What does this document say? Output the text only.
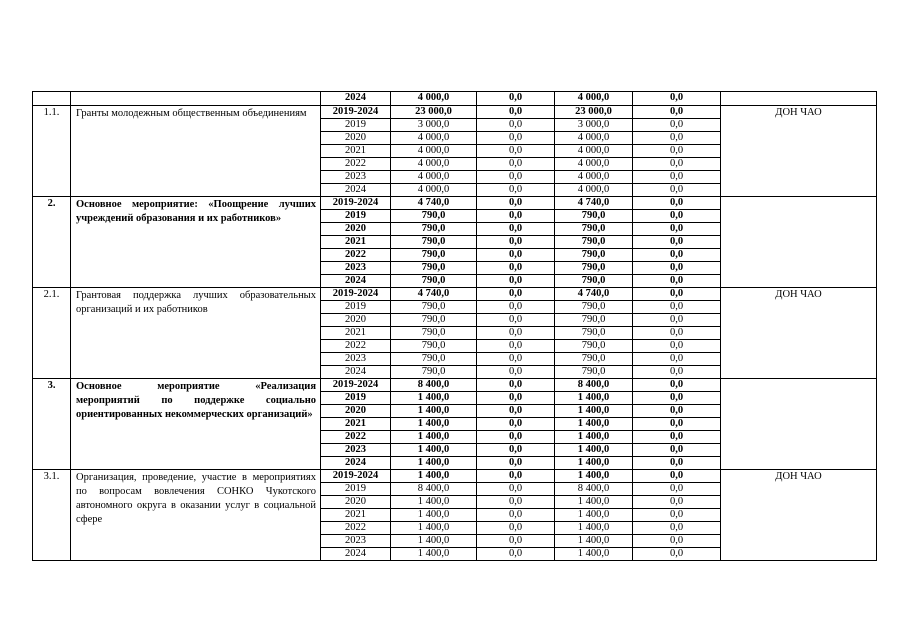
		2024	4 000,0	0,0	4 000,0	0,0	
1.1.	Гранты молодежным общественным объединениям	2019-2024	23 000,0	0,0	23 000,0	0,0	ДОН ЧАО
		2019	3 000,0	0,0	3 000,0	0,0	
		2020	4 000,0	0,0	4 000,0	0,0	
		2021	4 000,0	0,0	4 000,0	0,0	
		2022	4 000,0	0,0	4 000,0	0,0	
		2023	4 000,0	0,0	4 000,0	0,0	
		2024	4 000,0	0,0	4 000,0	0,0	
2.	Основное мероприятие: «Поощрение лучших учреждений образования и их работников»	2019-2024	4 740,0	0,0	4 740,0	0,0	
		2019	790,0	0,0	790,0	0,0	
		2020	790,0	0,0	790,0	0,0	
		2021	790,0	0,0	790,0	0,0	
		2022	790,0	0,0	790,0	0,0	
		2023	790,0	0,0	790,0	0,0	
		2024	790,0	0,0	790,0	0,0	
2.1.	Грантовая поддержка лучших образовательных организаций и их работников	2019-2024	4 740,0	0,0	4 740,0	0,0	ДОН ЧАО
		2019	790,0	0,0	790,0	0,0	
		2020	790,0	0,0	790,0	0,0	
		2021	790,0	0,0	790,0	0,0	
		2022	790,0	0,0	790,0	0,0	
		2023	790,0	0,0	790,0	0,0	
		2024	790,0	0,0	790,0	0,0	
3.	Основное мероприятие «Реализация мероприятий по поддержке социально ориентированных некоммерческих организаций»	2019-2024	8 400,0	0,0	8 400,0	0,0	
		2019	1 400,0	0,0	1 400,0	0,0	
		2020	1 400,0	0,0	1 400,0	0,0	
		2021	1 400,0	0,0	1 400,0	0,0	
		2022	1 400,0	0,0	1 400,0	0,0	
		2023	1 400,0	0,0	1 400,0	0,0	
		2024	1 400,0	0,0	1 400,0	0,0	
3.1.	Организация, проведение, участие в мероприятиях по вопросам вовлечения СОНКО Чукотского автономного округа в оказании услуг в социальной сфере	2019-2024	1 400,0	0,0	1 400,0	0,0	ДОН ЧАО
		2019	8 400,0	0,0	8 400,0	0,0	
		2020	1 400,0	0,0	1 400,0	0,0	
		2021	1 400,0	0,0	1 400,0	0,0	
		2022	1 400,0	0,0	1 400,0	0,0	
		2023	1 400,0	0,0	1 400,0	0,0	
		2024	1 400,0	0,0	1 400,0	0,0	
